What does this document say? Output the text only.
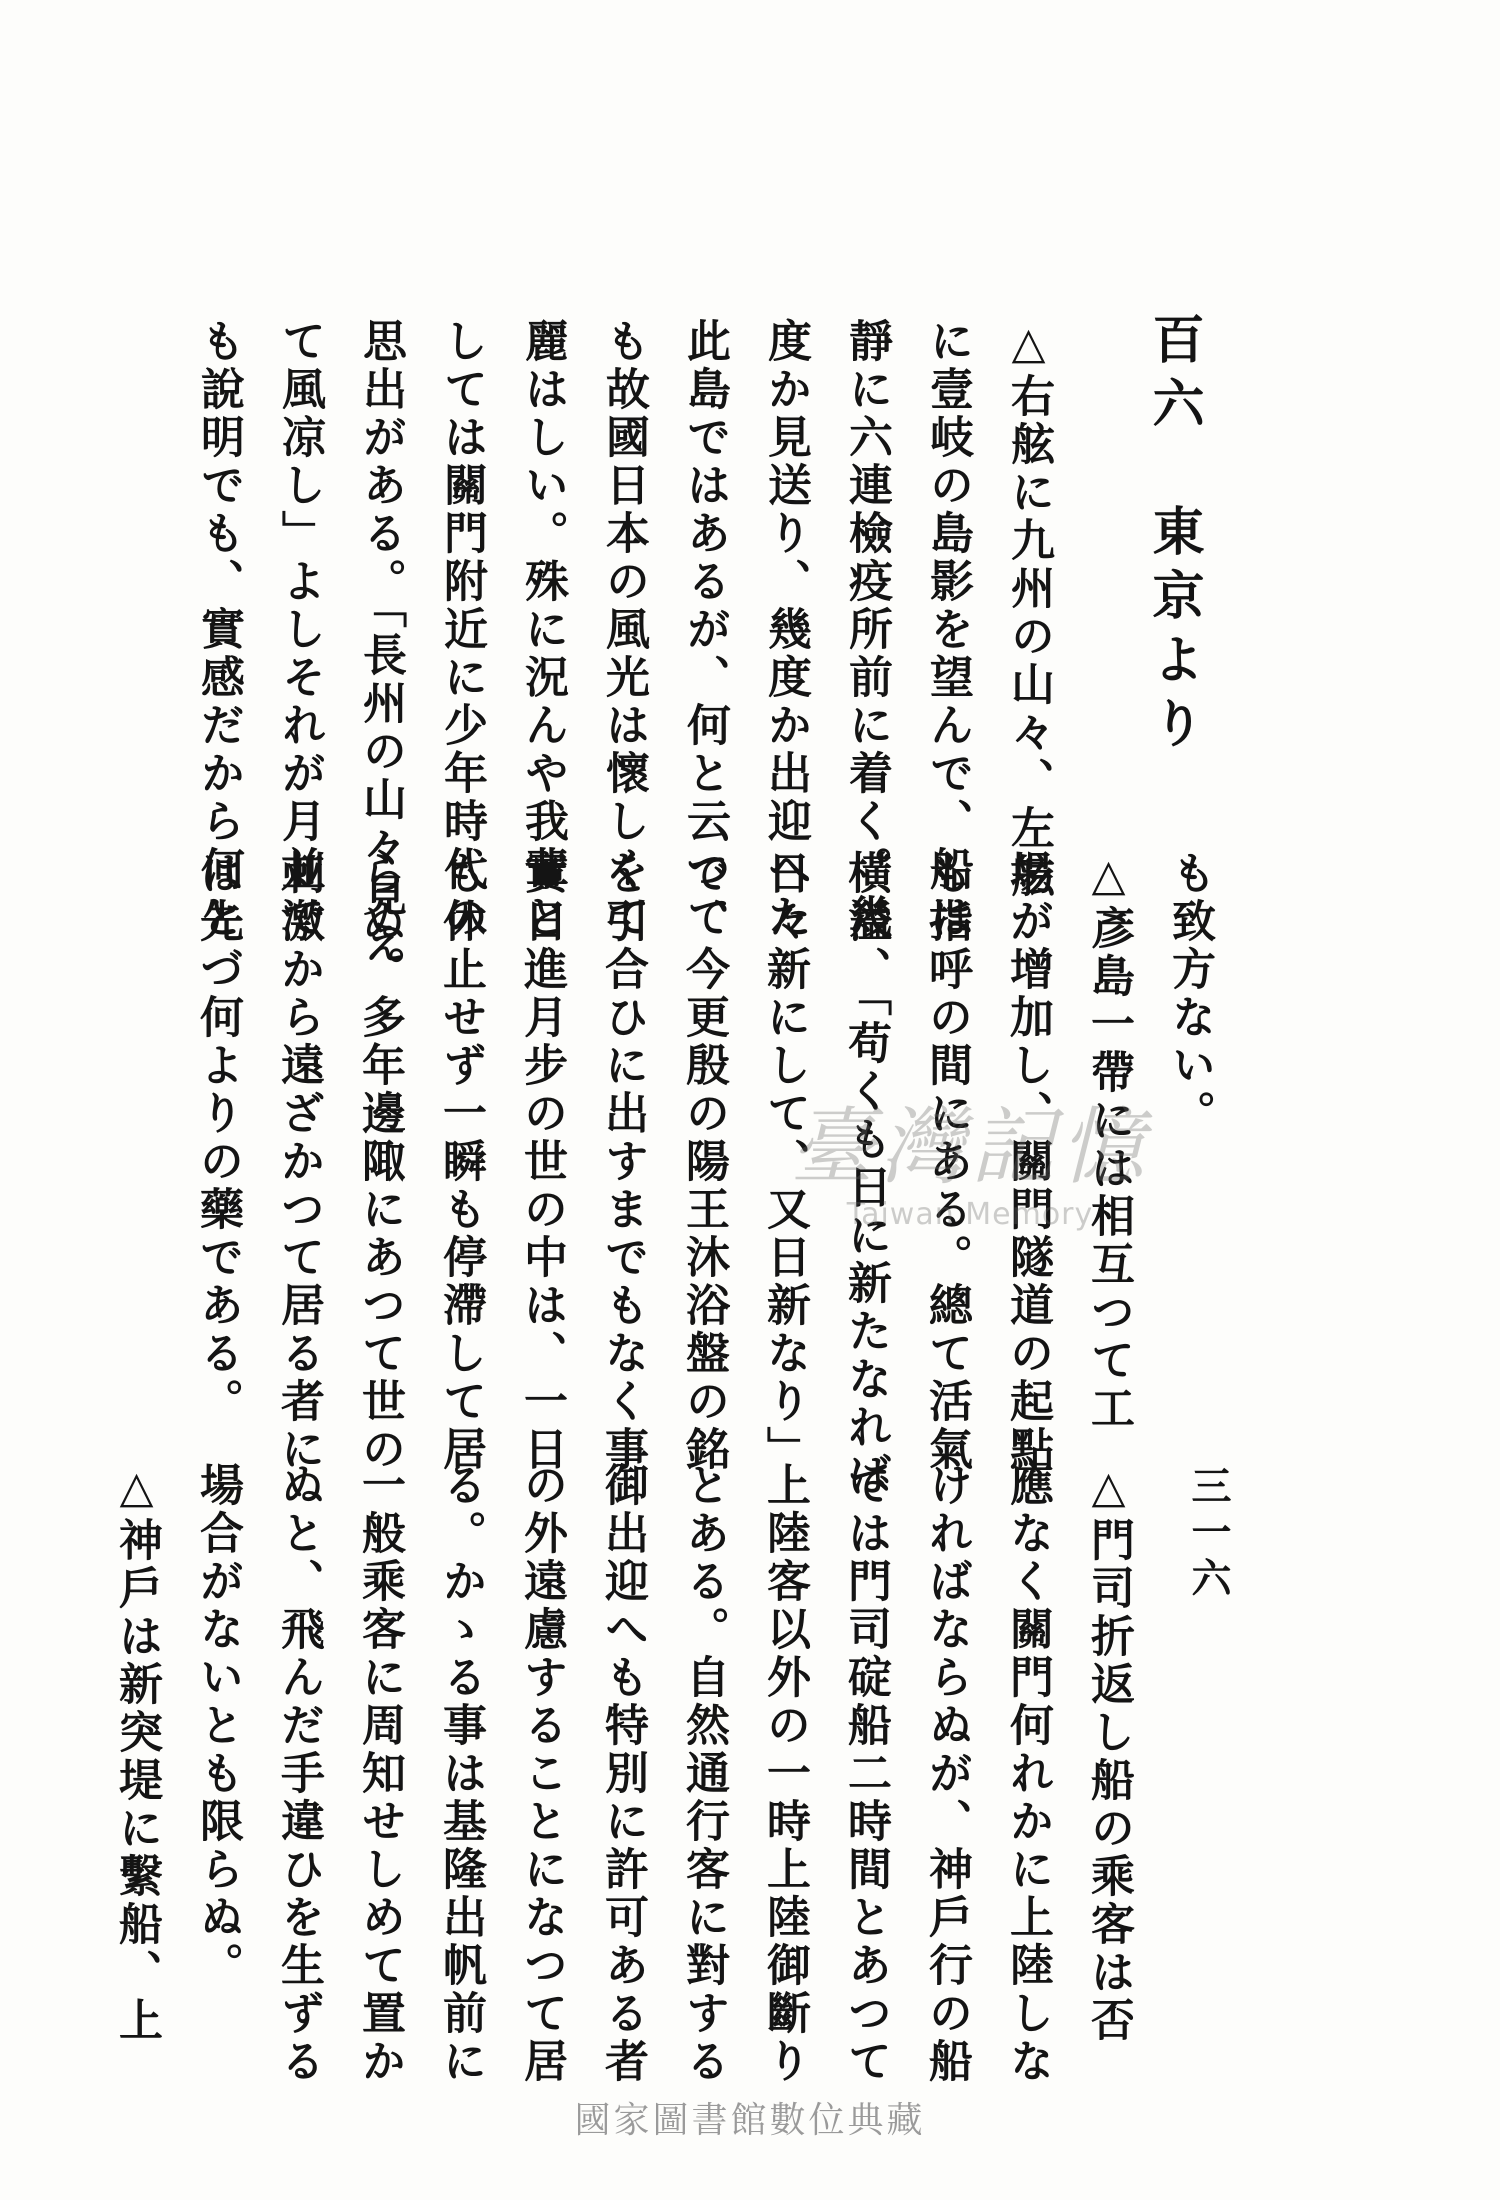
三一六
百六　東京より
△右舷に九州の山々、左舷
に壹岐の島影を望んで、船は
靜に六連檢疫所前に着く。幾
度か見送り、幾度か出迎へた
此島ではあるが、何と云つて
も故國日本の風光は懷しくて
麗はしい。殊に況んや我輩と
しては關門附近に少年時代の
思出がある。「長州の山々見え
て風凉し」よしそれが月並で
も說明でも、實感だから何と
も致方ない。
△彥島一帶には相互つて工
場が增加し、關門隧道の起點
も指呼の間にある。總て活氣
橫溢、「苟くも日に新たなれば
日々新にして、又日新なり」
で、今更殷の陽王沐浴盤の銘
を引合ひに出すまでもなく事
實日進月步の世の中は、一日
も休止せず一瞬も停滯して居
らぬ。多年邊陬にあつて世の
刺激から遠ざかつて居る者に
は先づ何よりの藥である。
△門司折返し船の乘客は否
應なく關門何れかに上陸しな
ければならぬが、神戶行の船
では門司碇船二時間とあつて
上陸客以外の一時上陸御斷り
とある。自然通行客に對する
御出迎へも特別に許可ある者
の外遠慮することになつて居
る。かゝる事は基隆出帆前に
一般乘客に周知せしめて置か
ぬと、飛んだ手違ひを生ずる
場合がないとも限らぬ。
△神戶は新突堤に繫船、上
臺灣記憶
Taiwan Memory
國家圖書館數位典藏
